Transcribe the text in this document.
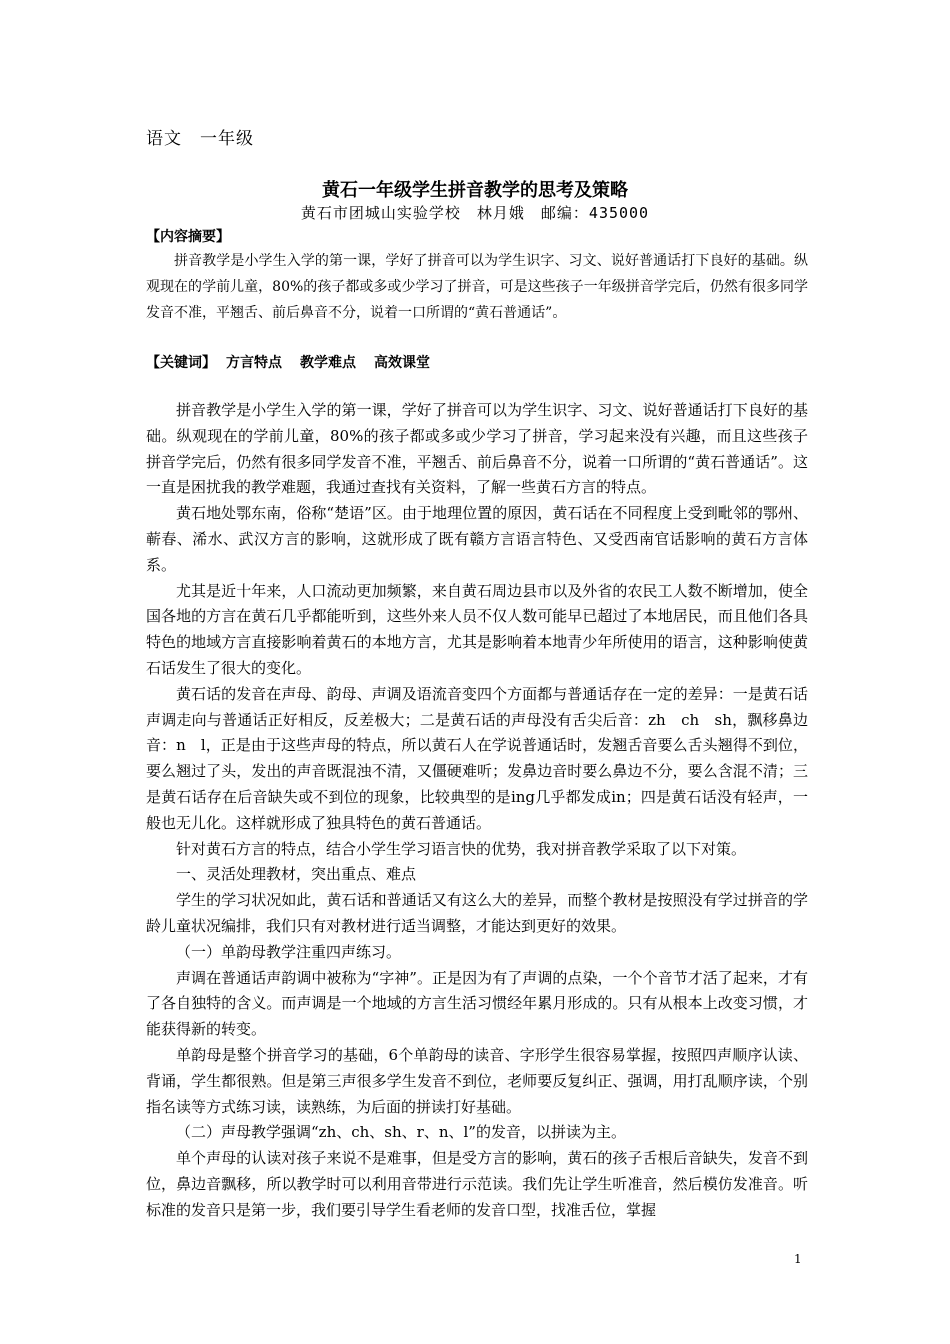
语文　一年级
黄石一年级学生拼音教学的思考及策略
黄石市团城山实验学校　林月娥　邮编：435000
【内容摘要】

拼音教学是小学生入学的第一课，学好了拼音可以为学生识字、习文、说好普通话打下良好的基础。纵观现在的学前儿童，80%的孩子都或多或少学习了拼音，可是这些孩子一年级拼音学完后，仍然有很多同学发音不准，平翘舌、前后鼻音不分，说着一口所谓的“黄石普通话”。

【关键词】 方言特点 教学难点 高效课堂

拼音教学是小学生入学的第一课，学好了拼音可以为学生识字、习文、说好普通话打下良好的基础。纵观现在的学前儿童，80%的孩子都或多或少学习了拼音，学习起来没有兴趣，而且这些孩子拼音学完后，仍然有很多同学发音不准，平翘舌、前后鼻音不分，说着一口所谓的“黄石普通话”。这一直是困扰我的教学难题，我通过查找有关资料，了解一些黄石方言的特点。

黄石地处鄂东南，俗称“楚语”区。由于地理位置的原因，黄石话在不同程度上受到毗邻的鄂州、蕲春、浠水、武汉方言的影响，这就形成了既有赣方言语言特色、又受西南官话影响的黄石方言体系。

尤其是近十年来，人口流动更加频繁，来自黄石周边县市以及外省的农民工人数不断增加，使全国各地的方言在黄石几乎都能听到，这些外来人员不仅人数可能早已超过了本地居民，而且他们各具特色的地域方言直接影响着黄石的本地方言，尤其是影响着本地青少年所使用的语言，这种影响使黄石话发生了很大的变化。

黄石话的发音在声母、韵母、声调及语流音变四个方面都与普通话存在一定的差异：一是黄石话声调走向与普通话正好相反，反差极大；二是黄石话的声母没有舌尖后音：zh　ch　sh，飘移鼻边音：n　l，正是由于这些声母的特点，所以黄石人在学说普通话时，发翘舌音要么舌头翘得不到位，要么翘过了头，发出的声音既混浊不清，又僵硬难听；发鼻边音时要么鼻边不分，要么含混不清；三是黄石话存在后音缺失或不到位的现象，比较典型的是ing几乎都发成in；四是黄石话没有轻声，一般也无儿化。这样就形成了独具特色的黄石普通话。

针对黄石方言的特点，结合小学生学习语言快的优势，我对拼音教学采取了以下对策。

一、灵活处理教材，突出重点、难点

学生的学习状况如此，黄石话和普通话又有这么大的差异，而整个教材是按照没有学过拼音的学龄儿童状况编排，我们只有对教材进行适当调整，才能达到更好的效果。

（一）单韵母教学注重四声练习。

声调在普通话声韵调中被称为“字神”。正是因为有了声调的点染，一个个音节才活了起来，才有了各自独特的含义。而声调是一个地域的方言生活习惯经年累月形成的。只有从根本上改变习惯，才能获得新的转变。

单韵母是整个拼音学习的基础，6个单韵母的读音、字形学生很容易掌握，按照四声顺序认读、背诵，学生都很熟。但是第三声很多学生发音不到位，老师要反复纠正、强调，用打乱顺序读，个别指名读等方式练习读，读熟练，为后面的拼读打好基础。

（二）声母教学强调“zh、ch、sh、r、n、l”的发音，以拼读为主。

单个声母的认读对孩子来说不是难事，但是受方言的影响，黄石的孩子舌根后音缺失，发音不到位，鼻边音飘移，所以教学时可以利用音带进行示范读。我们先让学生听准音，然后模仿发准音。听标准的发音只是第一步，我们要引导学生看老师的发音口型，找准舌位，掌握

1
